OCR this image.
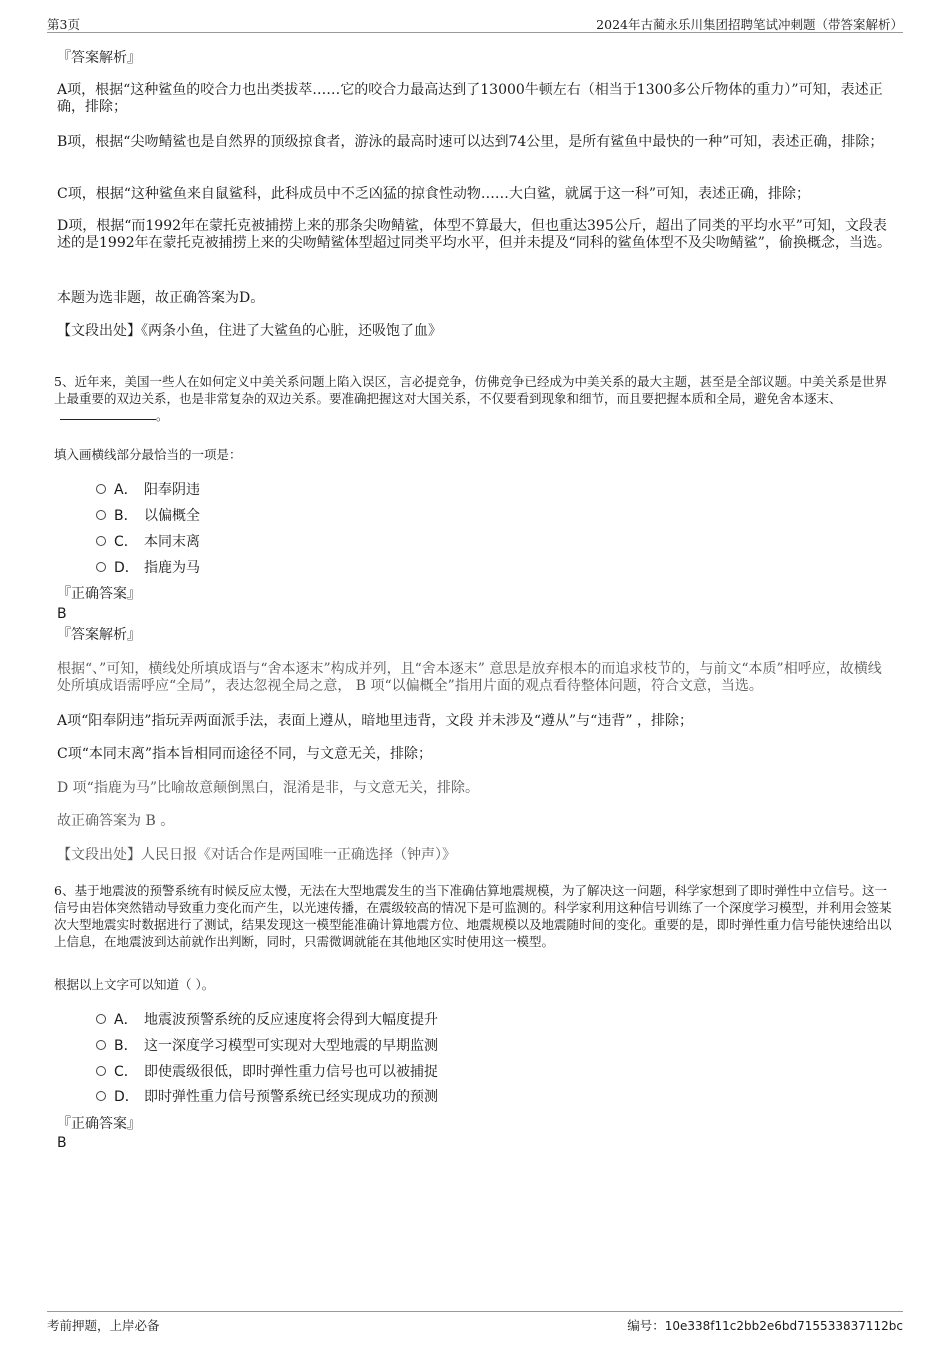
第3页	2024年古蔺永乐川集团招聘笔试冲刺题（带答案解析）
『答案解析』
A项，根据“这种鲨鱼的咬合力也出类拔萃……它的咬合力最高达到了13000牛顿左右（相当于1300多公斤物体的重力）”可知，表述正确，排除；
B项，根据“尖吻鲭鲨也是自然界的顶级掠食者，游泳的最高时速可以达到74公里，是所有鲨鱼中最快的一种”可知，表述正确，排除；
C项，根据“这种鲨鱼来自鼠鲨科，此科成员中不乏凶猛的掠食性动物……大白鲨，就属于这一科”可知，表述正确，排除；
D项，根据“而1992年在蒙托克被捕捞上来的那条尖吻鲭鲨，体型不算最大，但也重达395公斤，超出了同类的平均水平”可知，文段表述的是1992年在蒙托克被捕捞上来的尖吻鲭鲨体型超过同类平均水平，但并未提及“同科的鲨鱼体型不及尖吻鲭鲨”，偷换概念，当选。
本题为选非题，故正确答案为D。
【文段出处】《两条小鱼，住进了大鲨鱼的心脏，还吸饱了血》
5、近年来，美国一些人在如何定义中美关系问题上陷入误区，言必提竞争，仿佛竞争已经成为中美关系的最大主题，甚至是全部议题。中美关系是世界上最重要的双边关系，也是非常复杂的双边关系。要准确把握这对大国关系，不仅要看到现象和细节，而且要把握本质和全局，避免舍本逐末、。
填入画横线部分最恰当的一项是：
A． 阳奉阴违
B． 以偏概全
C． 本同末离
D． 指鹿为马
『正确答案』
B
『答案解析』
根据“、”可知，横线处所填成语与“舍本逐末”构成并列，且“舍本逐末” 意思是放弃根本的而追求枝节的，与前文“本质”相呼应，故横线处所填成语需呼应“全局”，表达忽视全局之意， B 项“以偏概全”指用片面的观点看待整体问题，符合文意，当选。
A项“阳奉阴违”指玩弄两面派手法，表面上遵从，暗地里违背，文段 并未涉及“遵从”与“违背” ，排除；
C项“本同末离”指本旨相同而途径不同，与文意无关，排除；
D 项“指鹿为马”比喻故意颠倒黑白，混淆是非，与文意无关，排除。
故正确答案为 B 。
【文段出处】人民日报《对话合作是两国唯一正确选择（钟声）》
6、基于地震波的预警系统有时候反应太慢，无法在大型地震发生的当下准确估算地震规模，为了解决这一问题，科学家想到了即时弹性中立信号。这一信号由岩体突然错动导致重力变化而产生，以光速传播，在震级较高的情况下是可监测的。科学家利用这种信号训练了一个深度学习模型，并利用会签某次大型地震实时数据进行了测试，结果发现这一模型能准确计算地震方位、地震规模以及地震随时间的变化。重要的是，即时弹性重力信号能快速给出以上信息，在地震波到达前就作出判断，同时，只需微调就能在其他地区实时使用这一模型。
根据以上文字可以知道（ ）。
A． 地震波预警系统的反应速度将会得到大幅度提升
B． 这一深度学习模型可实现对大型地震的早期监测
C． 即使震级很低，即时弹性重力信号也可以被捕捉
D． 即时弹性重力信号预警系统已经实现成功的预测
『正确答案』
B
考前押题，上岸必备	编号：10e338f11c2bb2e6bd715533837112bc
